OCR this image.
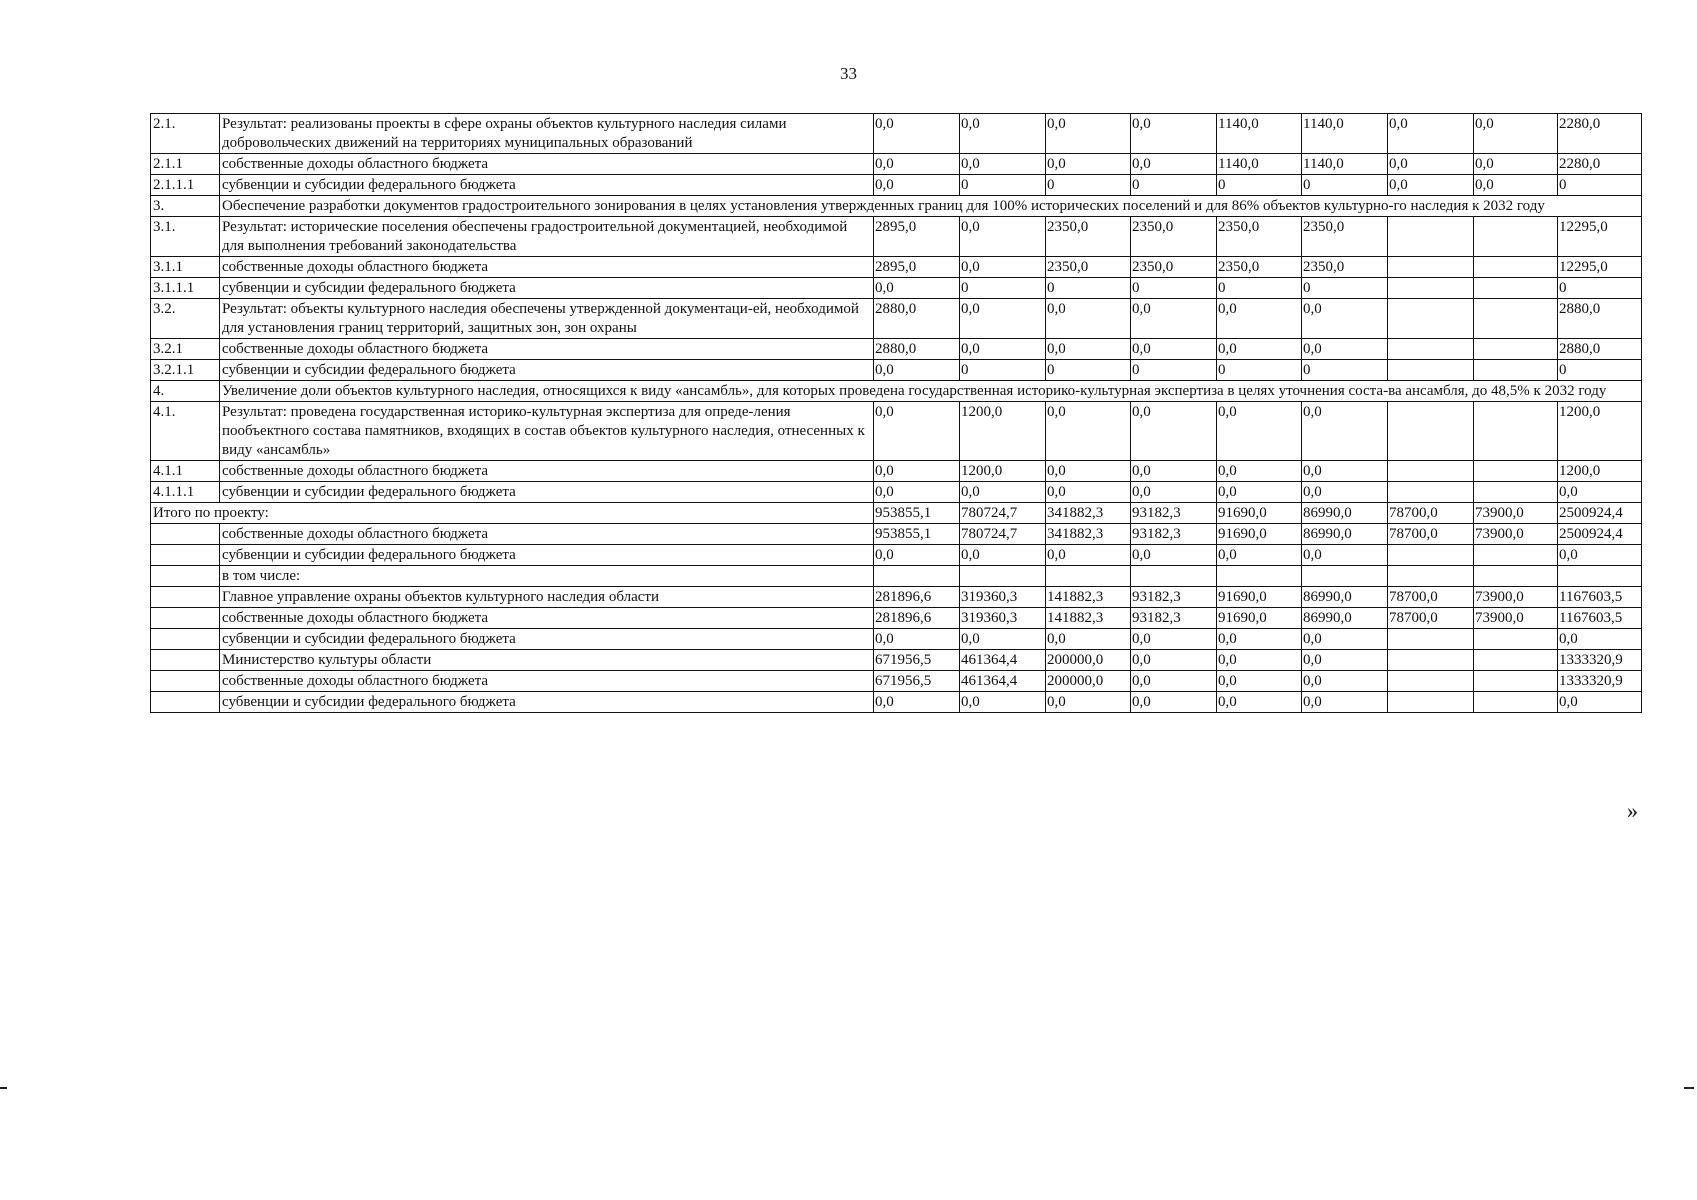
33
2.1.	Результат: реализованы проекты в сфере охраны объектов культурного наследия силами добровольческих движений на территориях муниципальных образований	0,0	0,0	0,0	0,0	1140,0	1140,0	0,0	0,0	2280,0
2.1.1	собственные доходы областного бюджета	0,0	0,0	0,0	0,0	1140,0	1140,0	0,0	0,0	2280,0
2.1.1.1	субвенции и субсидии федерального бюджета	0,0	0	0	0	0	0	0,0	0,0	0
3.	Обеспечение разработки документов градостроительного зонирования в целях установления утвержденных границ для 100% исторических поселений и для 86% объектов культурно-го наследия к 2032 году									
3.1.	Результат: исторические поселения обеспечены градостроительной документацией, необходимой для выполнения требований законодательства	2895,0	0,0	2350,0	2350,0	2350,0	2350,0			12295,0
3.1.1	собственные доходы областного бюджета	2895,0	0,0	2350,0	2350,0	2350,0	2350,0			12295,0
3.1.1.1	субвенции и субсидии федерального бюджета	0,0	0	0	0	0	0			0
3.2.	Результат: объекты культурного наследия обеспечены утвержденной документаци-ей, необходимой для установления границ территорий, защитных зон, зон охраны	2880,0	0,0	0,0	0,0	0,0	0,0			2880,0
3.2.1	собственные доходы областного бюджета	2880,0	0,0	0,0	0,0	0,0	0,0			2880,0
3.2.1.1	субвенции и субсидии федерального бюджета	0,0	0	0	0	0	0			0
4.	Увеличение доли объектов культурного наследия, относящихся к виду «ансамбль», для которых проведена государственная историко-культурная экспертиза в целях уточнения соста-ва ансамбля, до 48,5% к 2032 году									
4.1.	Результат: проведена государственная историко-культурная экспертиза для опреде-ления пообъектного состава памятников, входящих в состав объектов культурного наследия, отнесенных к виду «ансамбль»	0,0	1200,0	0,0	0,0	0,0	0,0			1200,0
4.1.1	собственные доходы областного бюджета	0,0	1200,0	0,0	0,0	0,0	0,0			1200,0
4.1.1.1	субвенции и субсидии федерального бюджета	0,0	0,0	0,0	0,0	0,0	0,0			0,0
Итого по проекту:		953855,1	780724,7	341882,3	93182,3	91690,0	86990,0	78700,0	73900,0	2500924,4
	собственные доходы областного бюджета	953855,1	780724,7	341882,3	93182,3	91690,0	86990,0	78700,0	73900,0	2500924,4
	субвенции и субсидии федерального бюджета	0,0	0,0	0,0	0,0	0,0	0,0			0,0
	в том числе:									
	Главное управление охраны объектов культурного наследия области	281896,6	319360,3	141882,3	93182,3	91690,0	86990,0	78700,0	73900,0	1167603,5
	собственные доходы областного бюджета	281896,6	319360,3	141882,3	93182,3	91690,0	86990,0	78700,0	73900,0	1167603,5
	субвенции и субсидии федерального бюджета	0,0	0,0	0,0	0,0	0,0	0,0			0,0
	Министерство культуры области	671956,5	461364,4	200000,0	0,0	0,0	0,0			1333320,9
	собственные доходы областного бюджета	671956,5	461364,4	200000,0	0,0	0,0	0,0			1333320,9
	субвенции и субсидии федерального бюджета	0,0	0,0	0,0	0,0	0,0	0,0			0,0
»
